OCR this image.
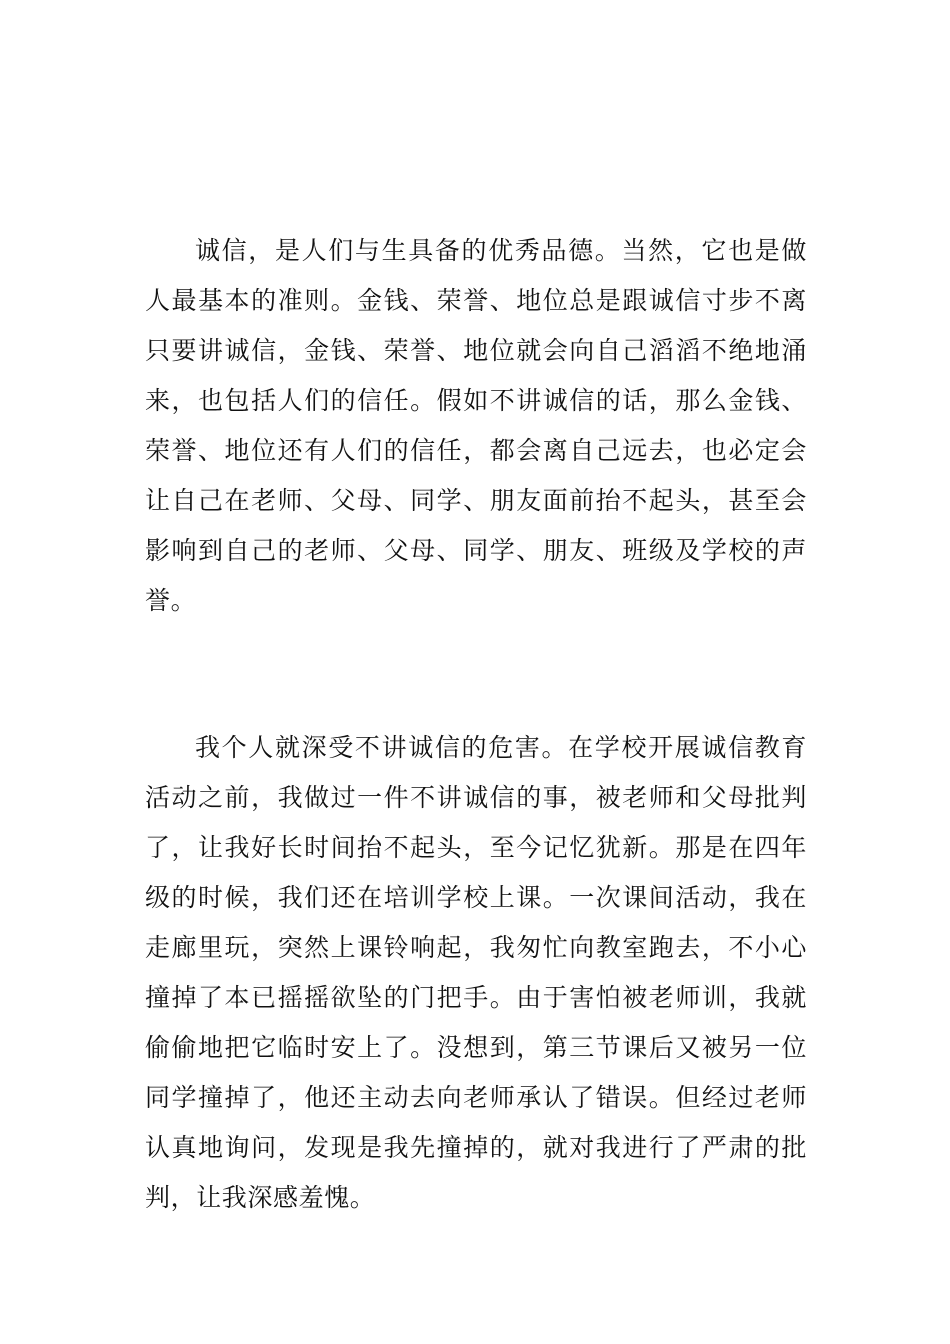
诚信，是人们与生具备的优秀品德。当然，它也是做人最基本的准则。金钱、荣誉、地位总是跟诚信寸步不离只要讲诚信，金钱、荣誉、地位就会向自己滔滔不绝地涌来，也包括人们的信任。假如不讲诚信的话，那么金钱、荣誉、地位还有人们的信任，都会离自己远去，也必定会让自己在老师、父母、同学、朋友面前抬不起头，甚至会影响到自己的老师、父母、同学、朋友、班级及学校的声誉。

我个人就深受不讲诚信的危害。在学校开展诚信教育活动之前，我做过一件不讲诚信的事，被老师和父母批判了，让我好长时间抬不起头，至今记忆犹新。那是在四年级的时候，我们还在培训学校上课。一次课间活动，我在走廊里玩，突然上课铃响起，我匆忙向教室跑去，不小心撞掉了本已摇摇欲坠的门把手。由于害怕被老师训，我就偷偷地把它临时安上了。没想到，第三节课后又被另一位同学撞掉了，他还主动去向老师承认了错误。但经过老师认真地询问，发现是我先撞掉的，就对我进行了严肃的批判，让我深感羞愧。
